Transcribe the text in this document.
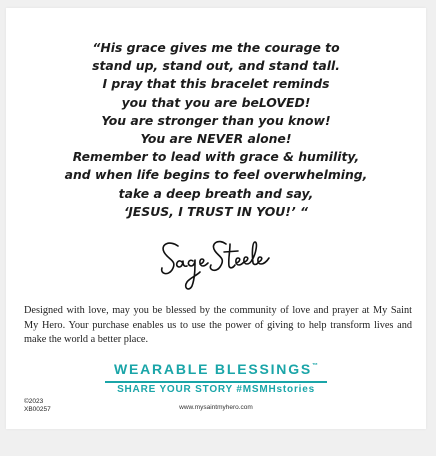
“His grace gives me the courage to
stand up, stand out, and stand tall.
I pray that this bracelet reminds
you that you are beLOVED!
You are stronger than you know!
You are NEVER alone!
Remember to lead with grace & humility,
and when life begins to feel overwhelming,
take a deep breath and say,
‘JESUS, I TRUST IN YOU!’ “
Designed with love, may you be blessed by the community of love and prayer at My Saint My Hero. Your purchase enables us to use the power of giving to help transform lives and make the world a better place.
WEARABLE BLESSINGS™
SHARE YOUR STORY #MSMHstories
©2023
XB00257	www.mysaintmyhero.com
